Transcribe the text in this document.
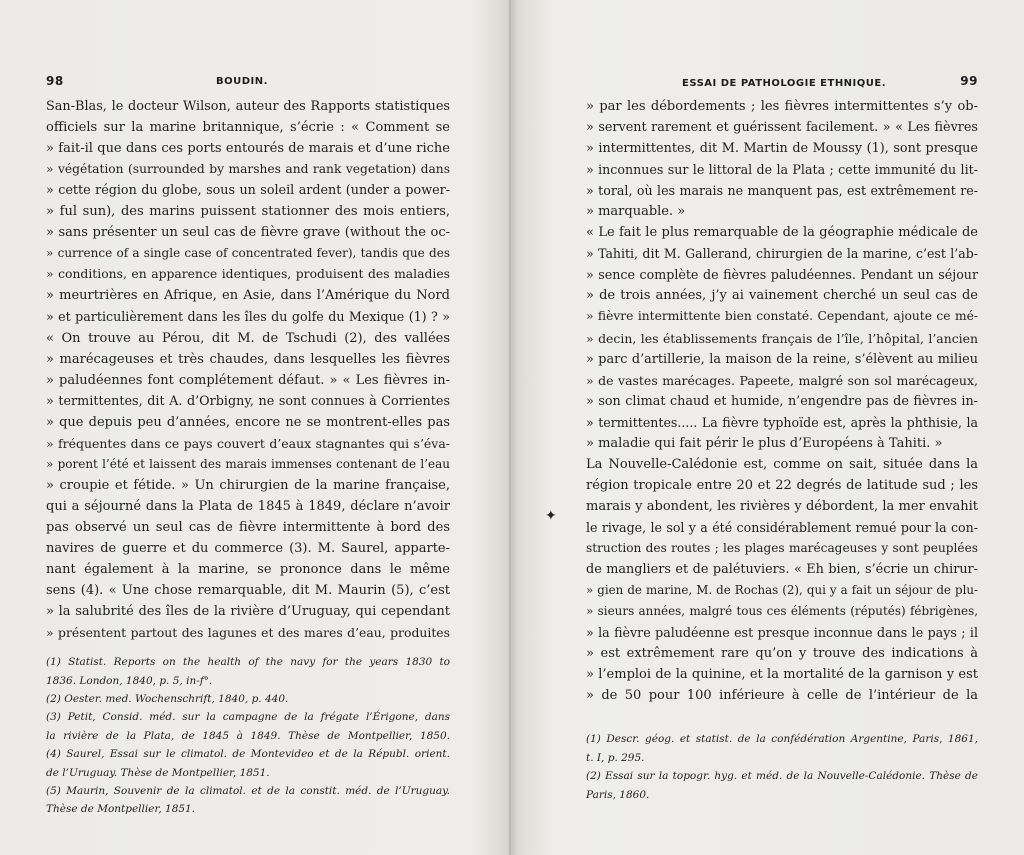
98	BOUDIN.
San-Blas, le docteur Wilson, auteur des Rapports statistiques
officiels sur la marine britannique, s’écrie : « Comment se
» fait-il que dans ces ports entourés de marais et d’une riche
» végétation (surrounded by marshes and rank vegetation) dans
» cette région du globe, sous un soleil ardent (under a power-
» ful sun), des marins puissent stationner des mois entiers,
» sans présenter un seul cas de fièvre grave (without the oc-
» currence of a single case of concentrated fever), tandis que des
» conditions, en apparence identiques, produisent des maladies
» meurtrières en Afrique, en Asie, dans l’Amérique du Nord
» et particulièrement dans les îles du golfe du Mexique (1) ? »
« On trouve au Pérou, dit M. de Tschudi (2), des vallées
» marécageuses et très chaudes, dans lesquelles les fièvres
» paludéennes font complétement défaut. » « Les fièvres in-
» termittentes, dit A. d’Orbigny, ne sont connues à Corrientes
» que depuis peu d’années, encore ne se montrent-elles pas
» fréquentes dans ce pays couvert d’eaux stagnantes qui s’éva-
» porent l’été et laissent des marais immenses contenant de l’eau
» croupie et fétide. » Un chirurgien de la marine française,
qui a séjourné dans la Plata de 1845 à 1849, déclare n’avoir
pas observé un seul cas de fièvre intermittente à bord des
navires de guerre et du commerce (3). M. Saurel, apparte-
nant également à la marine, se prononce dans le même
sens (4). « Une chose remarquable, dit M. Maurin (5), c’est
» la salubrité des îles de la rivière d’Uruguay, qui cependant
» présentent partout des lagunes et des mares d’eau, produites
(1) Statist. Reports on the health of the navy for the years 1830 to
1836. London, 1840, p. 5, in-f°.
(2) Oester. med. Wochenschrift, 1840, p. 440.
(3) Petit, Consid. méd. sur la campagne de la frégate l’Érigone, dans
la rivière de la Plata, de 1845 à 1849. Thèse de Montpellier, 1850.
(4) Saurel, Essai sur le climatol. de Montevideo et de la Républ. orient.
de l’Uruguay. Thèse de Montpellier, 1851.
(5) Maurin, Souvenir de la climatol. et de la constit. méd. de l’Uruguay.
Thèse de Montpellier, 1851.
ESSAI DE PATHOLOGIE ETHNIQUE.	99
» par les débordements ; les fièvres intermittentes s’y ob-
» servent rarement et guérissent facilement. » « Les fièvres
» intermittentes, dit M. Martin de Moussy (1), sont presque
» inconnues sur le littoral de la Plata ; cette immunité du lit-
» toral, où les marais ne manquent pas, est extrêmement re-
» marquable. »
« Le fait le plus remarquable de la géographie médicale de
» Tahiti, dit M. Gallerand, chirurgien de la marine, c’est l’ab-
» sence complète de fièvres paludéennes. Pendant un séjour
» de trois années, j’y ai vainement cherché un seul cas de
» fièvre intermittente bien constaté. Cependant, ajoute ce mé-
» decin, les établissements français de l’île, l’hôpital, l’ancien
» parc d’artillerie, la maison de la reine, s’élèvent au milieu
» de vastes marécages. Papeete, malgré son sol marécageux,
» son climat chaud et humide, n’engendre pas de fièvres in-
» termittentes..... La fièvre typhoïde est, après la phthisie, la
» maladie qui fait périr le plus d’Européens à Tahiti. »
La Nouvelle-Calédonie est, comme on sait, située dans la
région tropicale entre 20 et 22 degrés de latitude sud ; les
marais y abondent, les rivières y débordent, la mer envahit
le rivage, le sol y a été considérablement remué pour la con-
struction des routes ; les plages marécageuses y sont peuplées
de mangliers et de palétuviers. « Eh bien, s’écrie un chirur-
» gien de marine, M. de Rochas (2), qui y a fait un séjour de plu-
» sieurs années, malgré tous ces éléments (réputés) fébrigènes,
» la fièvre paludéenne est presque inconnue dans le pays ; il
» est extrêmement rare qu’on y trouve des indications à
» l’emploi de la quinine, et la mortalité de la garnison y est
» de 50 pour 100 inférieure à celle de l’intérieur de la
(1) Descr. géog. et statist. de la confédération Argentine, Paris, 1861,
t. I, p. 295.
(2) Essai sur la topogr. hyg. et méd. de la Nouvelle-Calédonie. Thèse de
Paris, 1860.
✦
